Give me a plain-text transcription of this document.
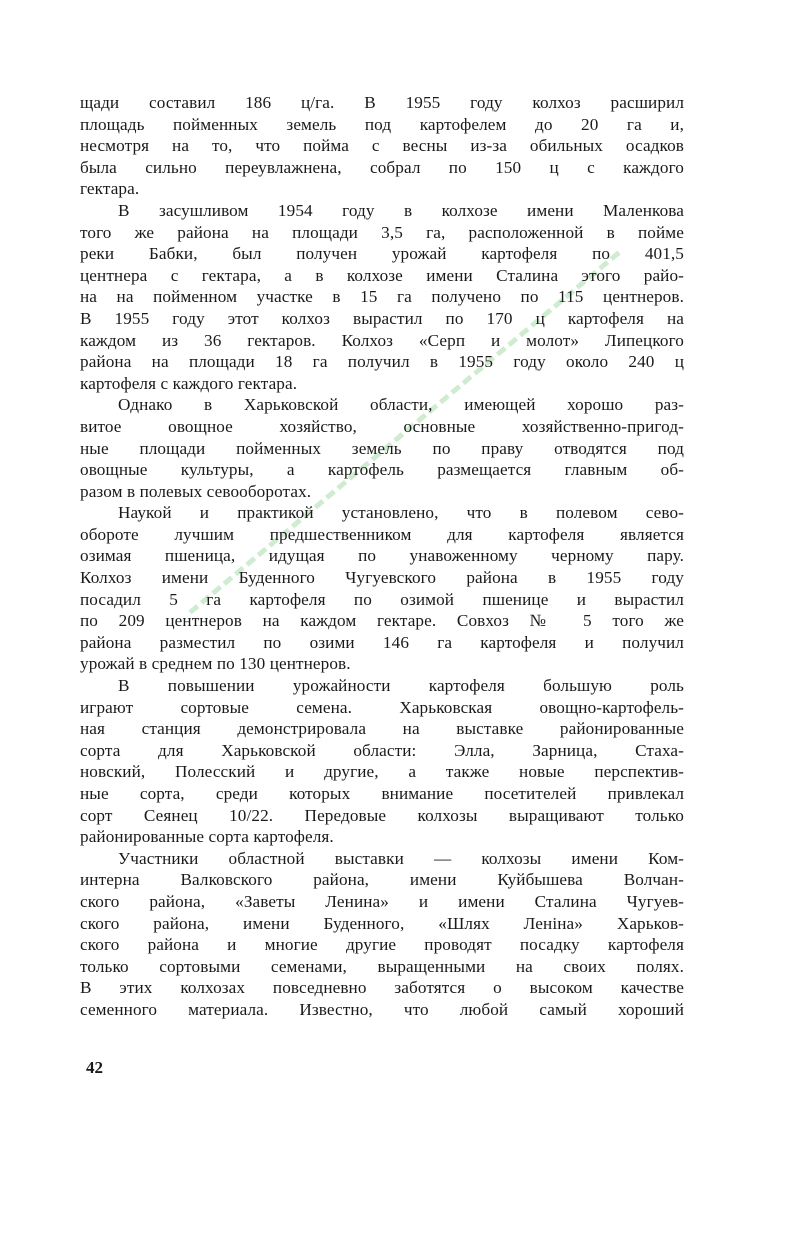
щади составил 186 ц/га. В 1955 году колхоз расширил
площадь пойменных земель под картофелем до 20 га и,
несмотря на то, что пойма с весны из-за обильных осадков
была сильно переувлажнена, собрал по 150 ц с каждого
гектара.
В засушливом 1954 году в колхозе имени Маленкова
того же района на площади 3,5 га, расположенной в пойме
реки Бабки, был получен урожай картофеля по 401,5
центнера с гектара, а в колхозе имени Сталина этого райо-
на на пойменном участке в 15 га получено по 115 центнеров.
В 1955 году этот колхоз вырастил по 170 ц картофеля на
каждом из 36 гектаров. Колхоз «Серп и молот» Липецкого
района на площади 18 га получил в 1955 году около 240 ц
картофеля с каждого гектара.
Однако в Харьковской области, имеющей хорошо раз-
витое овощное хозяйство, основные хозяйственно-пригод-
ные площади пойменных земель по праву отводятся под
овощные культуры, а картофель размещается главным об-
разом в полевых севооборотах.
Наукой и практикой установлено, что в полевом сево-
обороте лучшим предшественником для картофеля является
озимая пшеница, идущая по унавоженному черному пару.
Колхоз имени Буденного Чугуевского района в 1955 году
посадил 5 га картофеля по озимой пшенице и вырастил
по 209 центнеров на каждом гектаре. Совхоз № 5 того же
района разместил по озими 146 га картофеля и получил
урожай в среднем по 130 центнеров.
В повышении урожайности картофеля большую роль
играют сортовые семена. Харьковская овощно-картофель-
ная станция демонстрировала на выставке районированные
сорта для Харьковской области: Элла, Зарница, Стаха-
новский, Полесский и другие, а также новые перспектив-
ные сорта, среди которых внимание посетителей привлекал
сорт Сеянец 10/22. Передовые колхозы выращивают только
районированные сорта картофеля.
Участники областной выставки — колхозы имени Ком-
интерна Валковского района, имени Куйбышева Волчан-
ского района, «Заветы Ленина» и имени Сталина Чугуев-
ского района, имени Буденного, «Шлях Ленiна» Харьков-
ского района и многие другие проводят посадку картофеля
только сортовыми семенами, выращенными на своих полях.
В этих колхозах повседневно заботятся о высоком качестве
семенного материала. Известно, что любой самый хороший
42
